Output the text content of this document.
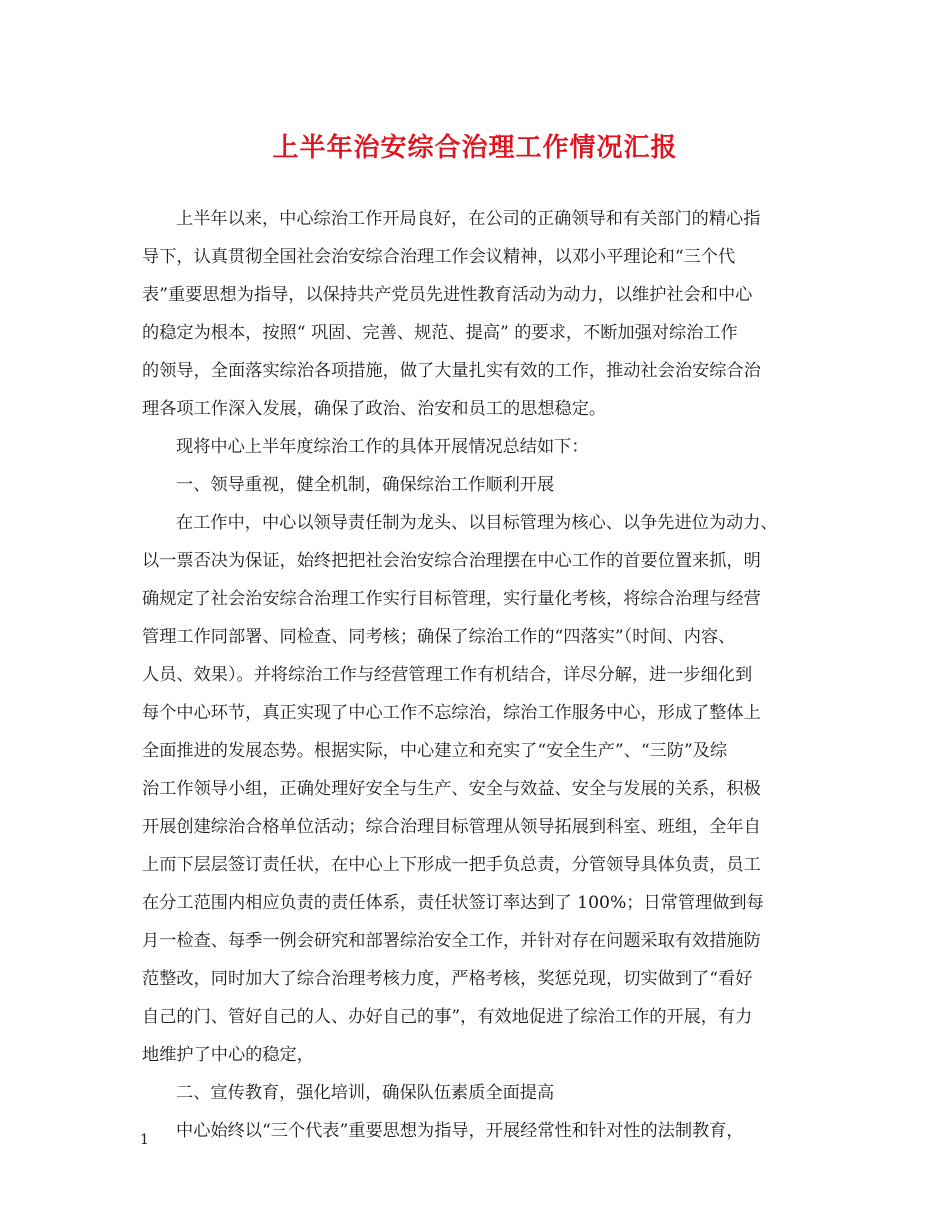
上半年治安综合治理工作情况汇报
上半年以来，中心综治工作开局良好，在公司的正确领导和有关部门的精心指
导下，认真贯彻全国社会治安综合治理工作会议精神，以邓小平理论和“三个代
表”重要思想为指导，以保持共产党员先进性教育活动为动力，以维护社会和中心
的稳定为根本，按照“ 巩固、完善、规范、提高” 的要求，不断加强对综治工作
的领导，全面落实综治各项措施，做了大量扎实有效的工作，推动社会治安综合治
理各项工作深入发展，确保了政治、治安和员工的思想稳定。
现将中心上半年度综治工作的具体开展情况总结如下：
一、领导重视，健全机制，确保综治工作顺利开展
在工作中，中心以领导责任制为龙头、以目标管理为核心、以争先进位为动力、
以一票否决为保证，始终把把社会治安综合治理摆在中心工作的首要位置来抓，明
确规定了社会治安综合治理工作实行目标管理，实行量化考核，将综合治理与经营
管理工作同部署、同检查、同考核；确保了综治工作的“四落实”（时间、内容、
人员、效果）。并将综治工作与经营管理工作有机结合，详尽分解，进一步细化到
每个中心环节，真正实现了中心工作不忘综治，综治工作服务中心，形成了整体上
全面推进的发展态势。根据实际，中心建立和充实了“安全生产”、“三防”及综
治工作领导小组，正确处理好安全与生产、安全与效益、安全与发展的关系，积极
开展创建综治合格单位活动；综合治理目标管理从领导拓展到科室、班组，全年自
上而下层层签订责任状，在中心上下形成一把手负总责，分管领导具体负责，员工
在分工范围内相应负责的责任体系，责任状签订率达到了 100%；日常管理做到每
月一检查、每季一例会研究和部署综治安全工作，并针对存在问题采取有效措施防
范整改，同时加大了综合治理考核力度，严格考核，奖惩兑现，切实做到了“看好
自己的门、管好自己的人、办好自己的事”，有效地促进了综治工作的开展，有力
地维护了中心的稳定，
二、宣传教育，强化培训，确保队伍素质全面提高
中心始终以“三个代表”重要思想为指导，开展经常性和针对性的法制教育，
1
